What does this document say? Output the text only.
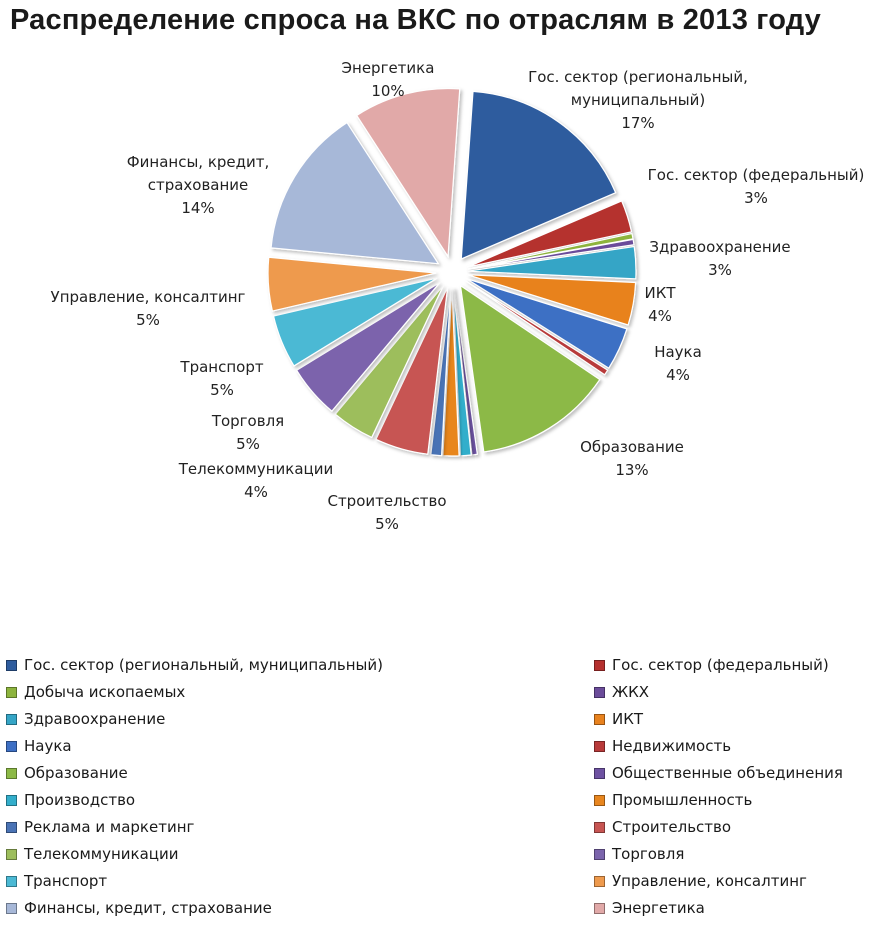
Распределение спроса на ВКС по отраслям в 2013 году
Гос. сектор (региональный, муниципальный) 17%
Гос. сектор (федеральный) 3%
Здравоохранение 3%
ИКТ 4%
Наука 4%
Образование 13%
Строительство 5%
Телекоммуникации 4%
Торговля 5%
Транспорт 5%
Управление, консалтинг 5%
Финансы, кредит, страхование 14%
Энергетика 10%
Гос. сектор (региональный, муниципальный)	Гос. сектор (федеральный)
Добыча ископаемых	ЖКХ
Здравоохранение	ИКТ
Наука	Недвижимость
Образование	Общественные объединения
Производство	Промышленность
Реклама и маркетинг	Строительство
Телекоммуникации	Торговля
Транспорт	Управление, консалтинг
Финансы, кредит, страхование	Энергетика
